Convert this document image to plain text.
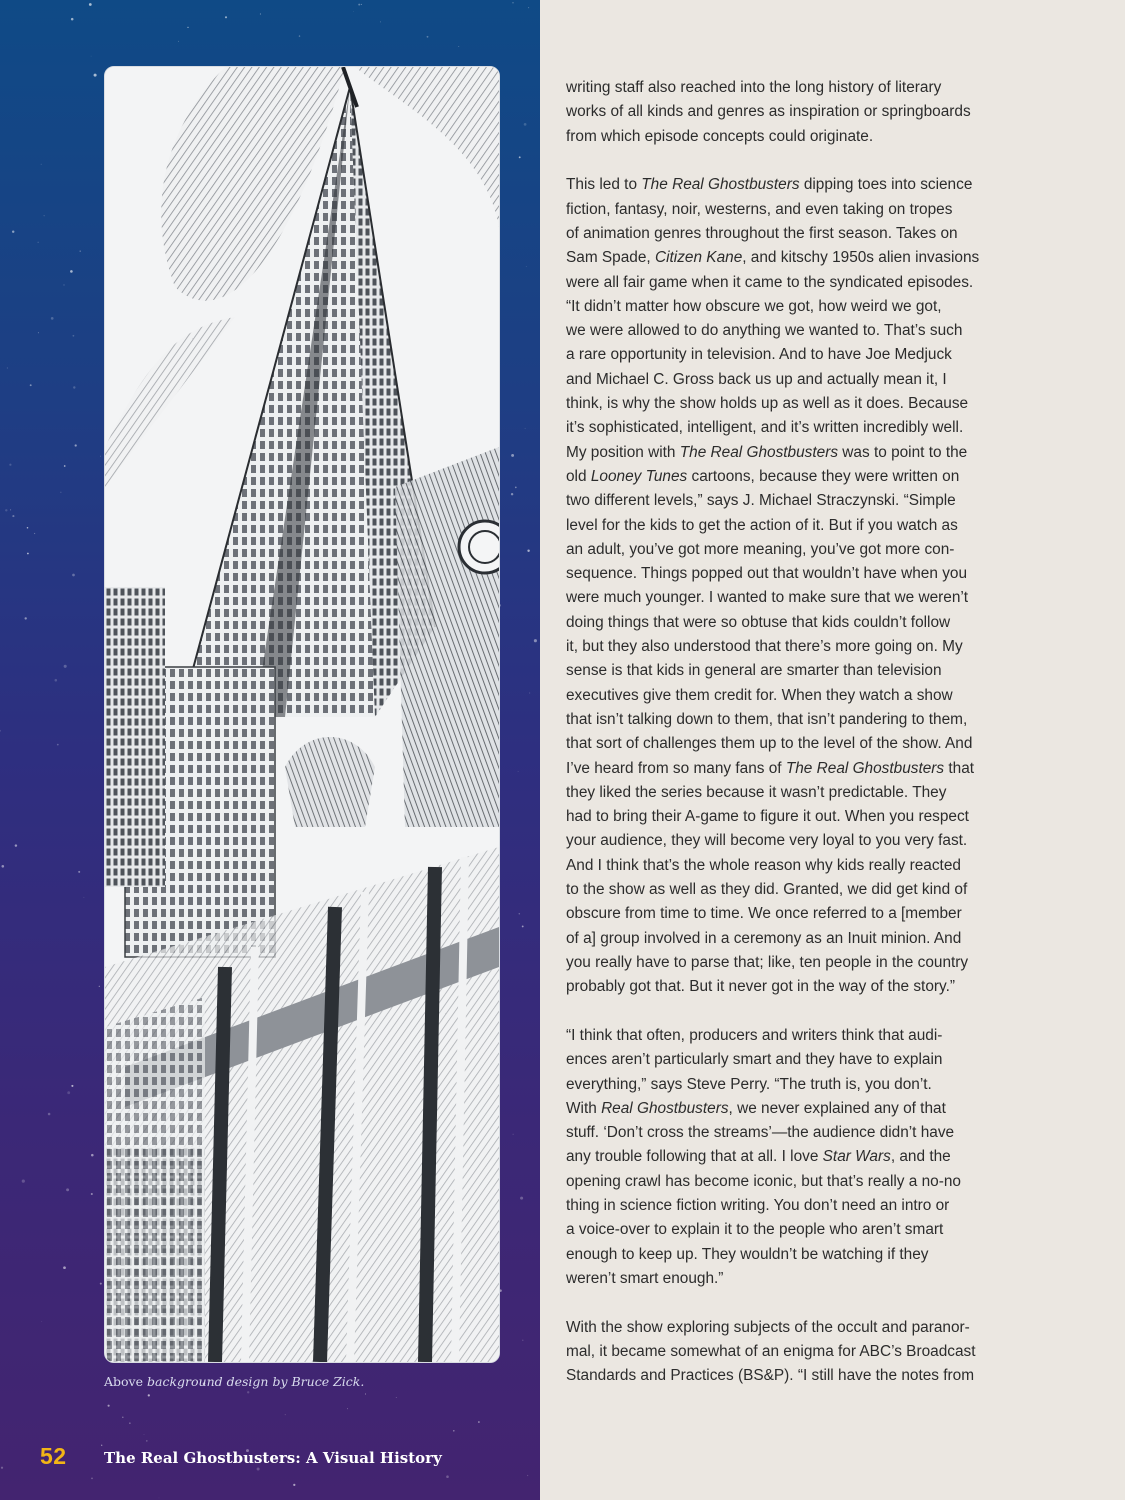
Above background design by Bruce Zick.
52 The Real Ghostbusters: A Visual History

writing staff also reached into the long history of literary
works of all kinds and genres as inspiration or springboards
from which episode concepts could originate.

This led to The Real Ghostbusters dipping toes into science
fiction, fantasy, noir, westerns, and even taking on tropes
of animation genres throughout the first season. Takes on
Sam Spade, Citizen Kane, and kitschy 1950s alien invasions
were all fair game when it came to the syndicated episodes.
“It didn’t matter how obscure we got, how weird we got,
we were allowed to do anything we wanted to. That’s such
a rare opportunity in television. And to have Joe Medjuck
and Michael C. Gross back us up and actually mean it, I
think, is why the show holds up as well as it does. Because
it’s sophisticated, intelligent, and it’s written incredibly well.
My position with The Real Ghostbusters was to point to the
old Looney Tunes cartoons, because they were written on
two different levels,” says J. Michael Straczynski. “Simple
level for the kids to get the action of it. But if you watch as
an adult, you’ve got more meaning, you’ve got more con-
sequence. Things popped out that wouldn’t have when you
were much younger. I wanted to make sure that we weren’t
doing things that were so obtuse that kids couldn’t follow
it, but they also understood that there’s more going on. My
sense is that kids in general are smarter than television
executives give them credit for. When they watch a show
that isn’t talking down to them, that isn’t pandering to them,
that sort of challenges them up to the level of the show. And
I’ve heard from so many fans of The Real Ghostbusters that
they liked the series because it wasn’t predictable. They
had to bring their A-game to figure it out. When you respect
your audience, they will become very loyal to you very fast.
And I think that’s the whole reason why kids really reacted
to the show as well as they did. Granted, we did get kind of
obscure from time to time. We once referred to a [member
of a] group involved in a ceremony as an Inuit minion. And
you really have to parse that; like, ten people in the country
probably got that. But it never got in the way of the story.”

“I think that often, producers and writers think that audi-
ences aren’t particularly smart and they have to explain
everything,” says Steve Perry. “The truth is, you don’t.
With Real Ghostbusters, we never explained any of that
stuff. ‘Don’t cross the streams’—the audience didn’t have
any trouble following that at all. I love Star Wars, and the
opening crawl has become iconic, but that’s really a no-no
thing in science fiction writing. You don’t need an intro or
a voice-over to explain it to the people who aren’t smart
enough to keep up. They wouldn’t be watching if they
weren’t smart enough.”

With the show exploring subjects of the occult and paranor-
mal, it became somewhat of an enigma for ABC’s Broadcast
Standards and Practices (BS&P). “I still have the notes from
